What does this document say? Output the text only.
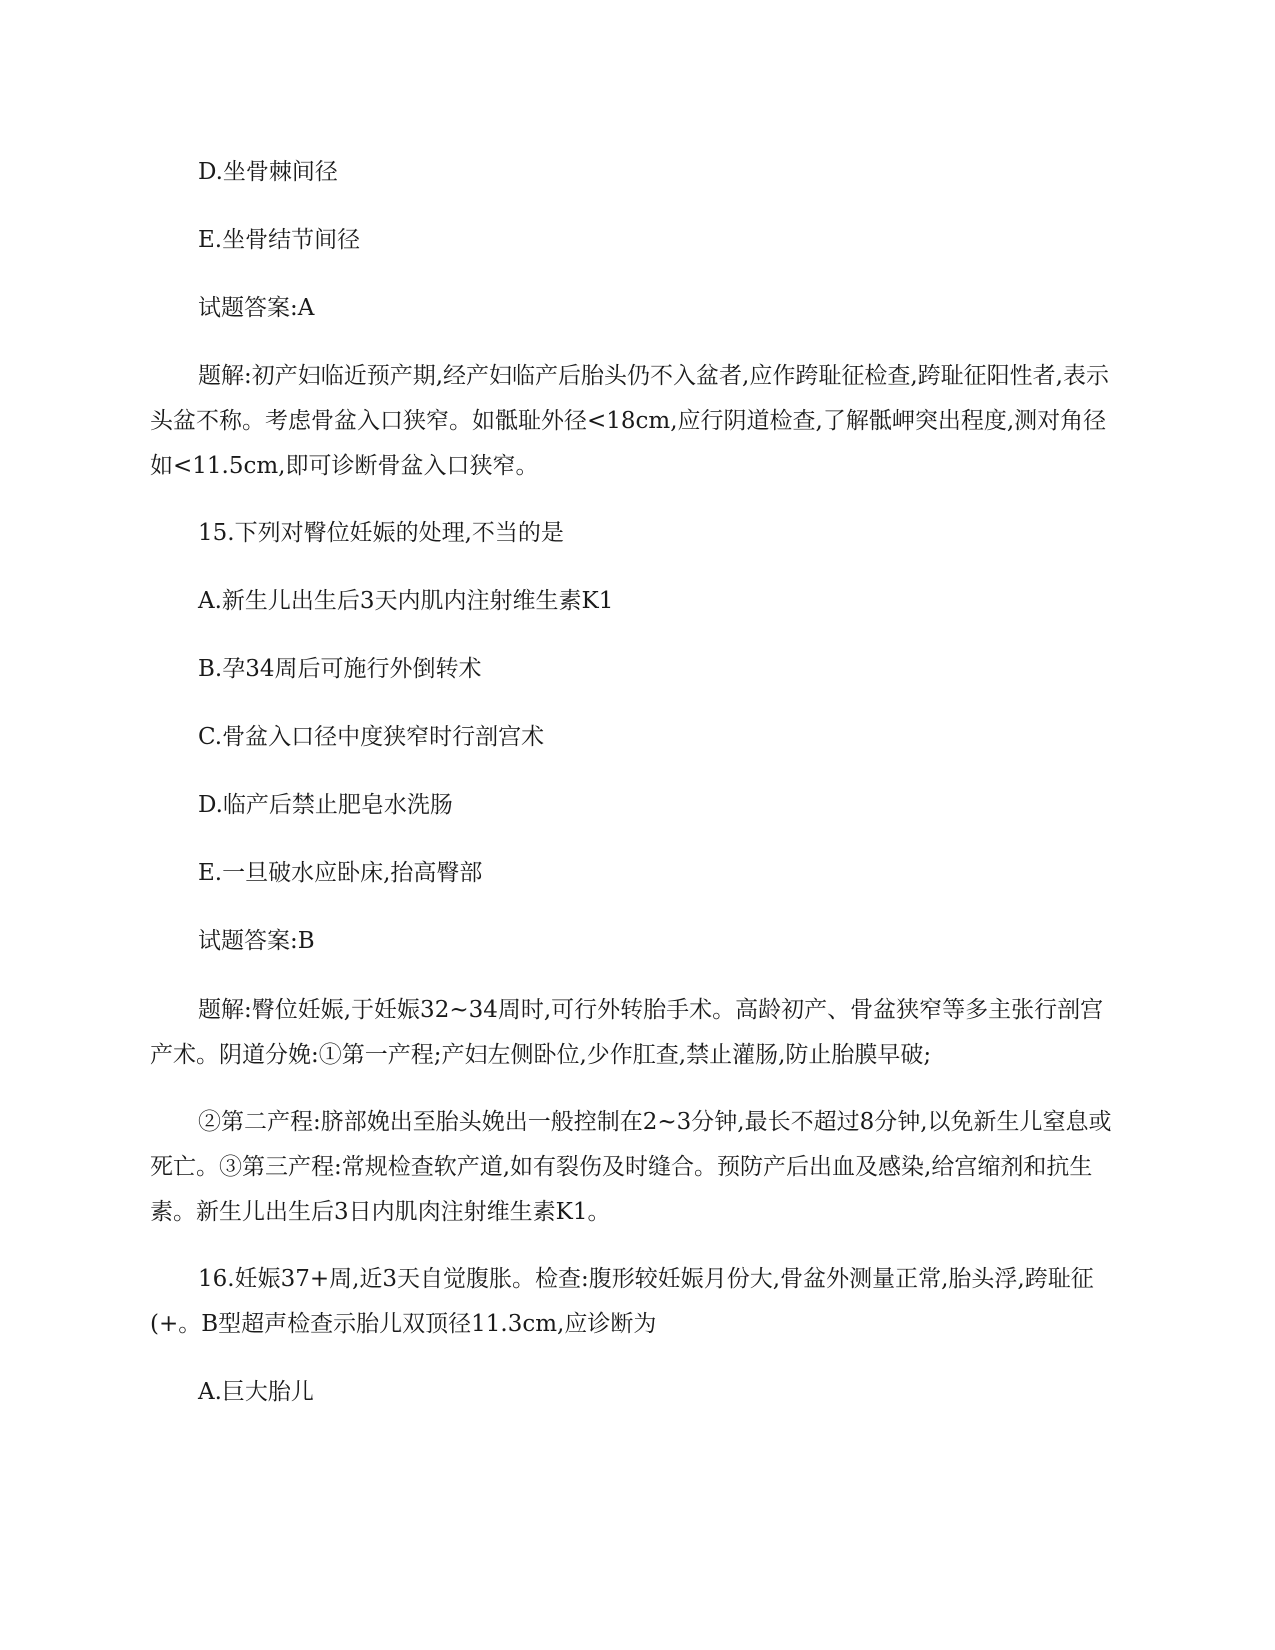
D.坐骨棘间径

E.坐骨结节间径

试题答案:A

题解:初产妇临近预产期,经产妇临产后胎头仍不入盆者,应作跨耻征检查,跨耻征阳性者,表示头盆不称。考虑骨盆入口狭窄。如骶耻外径<18cm,应行阴道检查,了解骶岬突出程度,测对角径如<11.5cm,即可诊断骨盆入口狭窄。

15.下列对臀位妊娠的处理,不当的是

A.新生儿出生后3天内肌内注射维生素K1

B.孕34周后可施行外倒转术

C.骨盆入口径中度狭窄时行剖宫术

D.临产后禁止肥皂水洗肠

E.一旦破水应卧床,抬高臀部

试题答案:B

题解:臀位妊娠,于妊娠32~34周时,可行外转胎手术。高龄初产、骨盆狭窄等多主张行剖宫产术。阴道分娩:①第一产程;产妇左侧卧位,少作肛查,禁止灌肠,防止胎膜早破;

②第二产程:脐部娩出至胎头娩出一般控制在2~3分钟,最长不超过8分钟,以免新生儿窒息或死亡。③第三产程:常规检查软产道,如有裂伤及时缝合。预防产后出血及感染,给宫缩剂和抗生素。新生儿出生后3日内肌肉注射维生素K1。

16.妊娠37+周,近3天自觉腹胀。检查:腹形较妊娠月份大,骨盆外测量正常,胎头浮,跨耻征(+。B型超声检查示胎儿双顶径11.3cm,应诊断为

A.巨大胎儿
